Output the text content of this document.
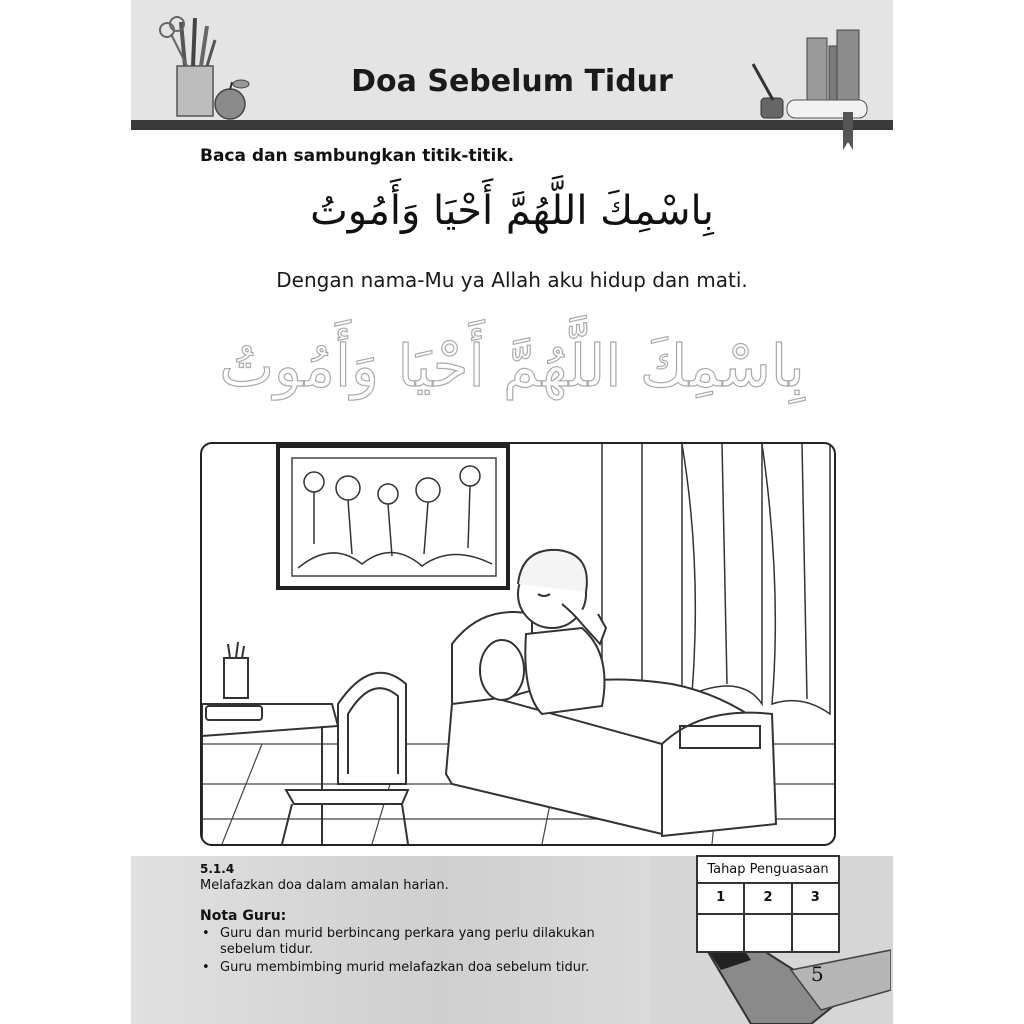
Doa Sebelum Tidur
Baca dan sambungkan titik-titik.
بِاسْمِكَ اللَّهُمَّ أَحْيَا وَأَمُوتُ
Dengan nama-Mu ya Allah aku hidup dan mati.
بِاسْمِكَ اللَّهُمَّ أَحْيَا وَأَمُوتُ
5.1.4
Melafazkan doa dalam amalan harian.
Nota Guru:
• Guru dan murid berbincang perkara yang perlu dilakukan sebelum tidur.
• Guru membimbing murid melafazkan doa sebelum tidur.
Tahap Penguasaan
1	2	3
5
